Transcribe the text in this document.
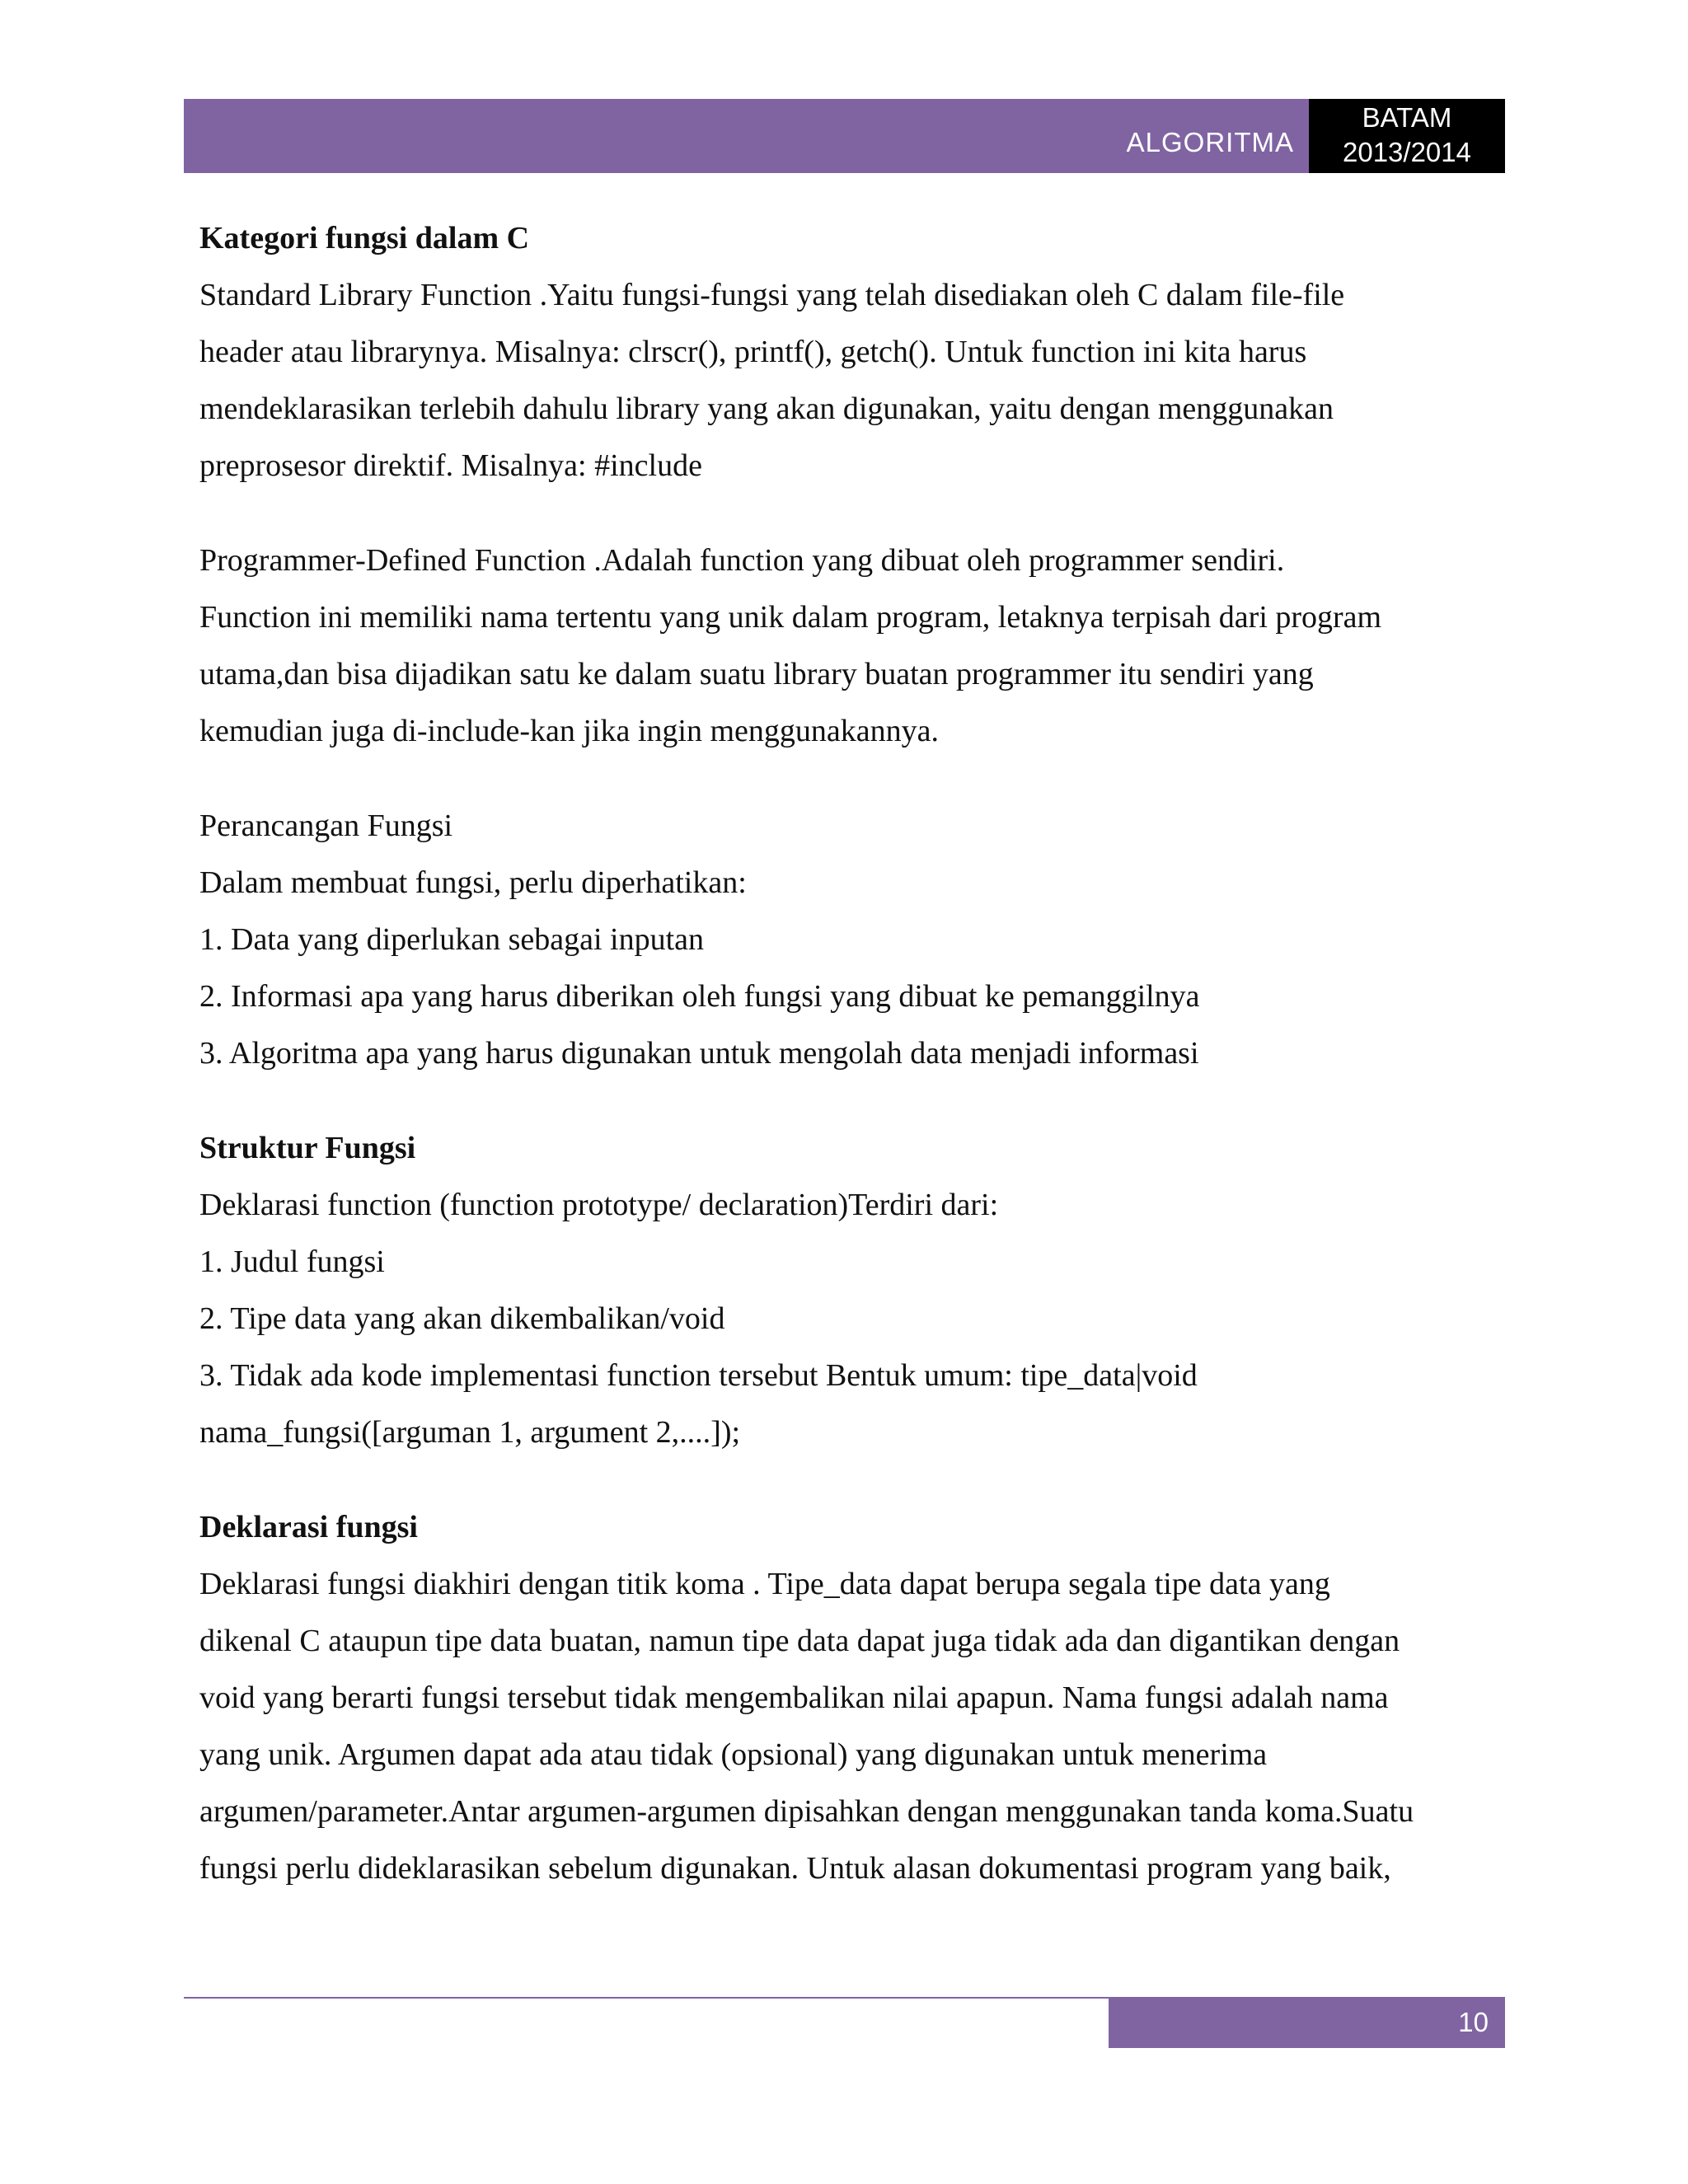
ALGORITMA
BATAM
2013/2014
Kategori fungsi dalam C
Standard Library Function .Yaitu fungsi-fungsi yang telah disediakan oleh C dalam file-file
header atau librarynya. Misalnya: clrscr(), printf(), getch(). Untuk function ini kita harus
mendeklarasikan terlebih dahulu library yang akan digunakan, yaitu dengan menggunakan
preprosesor direktif. Misalnya: #include
Programmer-Defined Function .Adalah function yang dibuat oleh programmer sendiri.
Function ini memiliki nama tertentu yang unik dalam program, letaknya terpisah dari program
utama,dan bisa dijadikan satu ke dalam suatu library buatan programmer itu sendiri yang
kemudian juga di-include-kan jika ingin menggunakannya.
Perancangan Fungsi
Dalam membuat fungsi, perlu diperhatikan:
1. Data yang diperlukan sebagai inputan
2. Informasi apa yang harus diberikan oleh fungsi yang dibuat ke pemanggilnya
3. Algoritma apa yang harus digunakan untuk mengolah data menjadi informasi
Struktur Fungsi
Deklarasi function (function prototype/ declaration)Terdiri dari:
1. Judul fungsi
2. Tipe data yang akan dikembalikan/void
3. Tidak ada kode implementasi function tersebut Bentuk umum: tipe_data|void
nama_fungsi([arguman 1, argument 2,....]);
Deklarasi fungsi
Deklarasi fungsi diakhiri dengan titik koma . Tipe_data dapat berupa segala tipe data yang
dikenal C ataupun tipe data buatan, namun tipe data dapat juga tidak ada dan digantikan dengan
void yang berarti fungsi tersebut tidak mengembalikan nilai apapun. Nama fungsi adalah nama
yang unik. Argumen dapat ada atau tidak (opsional) yang digunakan untuk menerima
argumen/parameter.Antar argumen-argumen dipisahkan dengan menggunakan tanda koma.Suatu
fungsi perlu dideklarasikan sebelum digunakan. Untuk alasan dokumentasi program yang baik,
10
